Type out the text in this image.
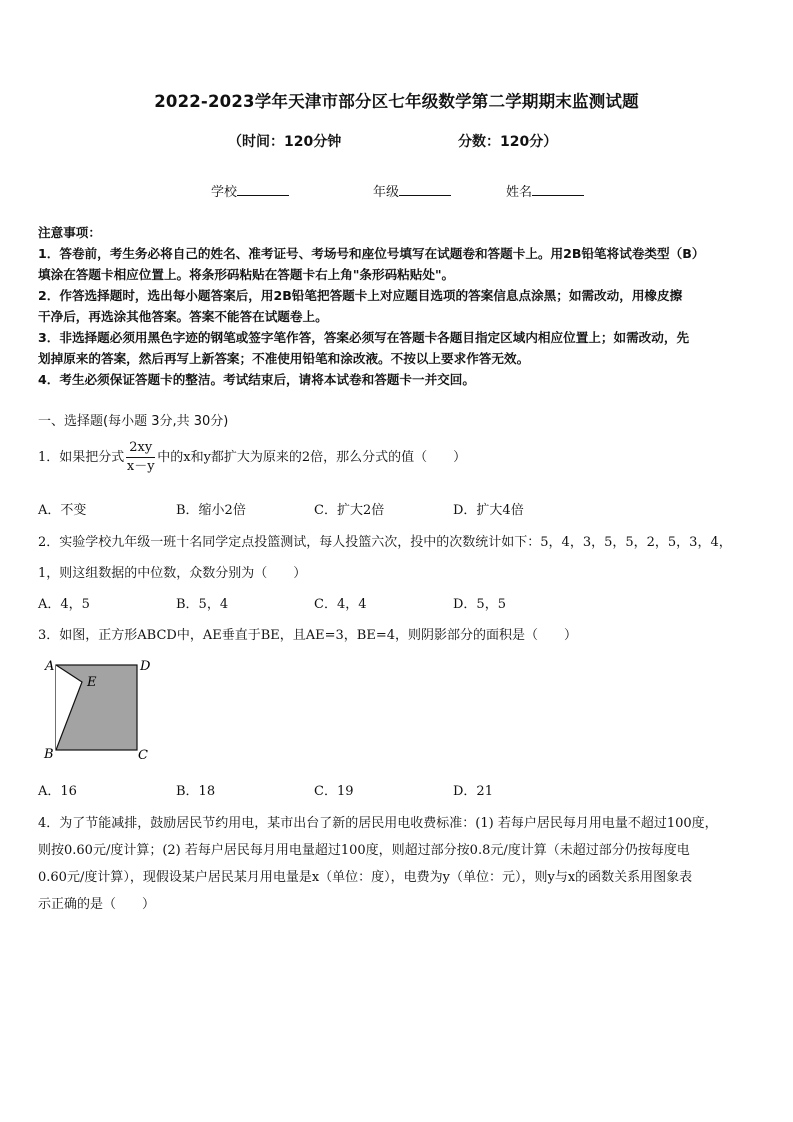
2022-2023学年天津市部分区七年级数学第二学期期末监测试题
（时间：120分钟	分数：120分）
学校	年级	姓名
注意事项：
1．答卷前，考生务必将自己的姓名、准考证号、考场号和座位号填写在试题卷和答题卡上。用2B铅笔将试卷类型（B）
填涂在答题卡相应位置上。将条形码粘贴在答题卡右上角"条形码粘贴处"。
2．作答选择题时，选出每小题答案后，用2B铅笔把答题卡上对应题目选项的答案信息点涂黑；如需改动，用橡皮擦
干净后，再选涂其他答案。答案不能答在试题卷上。
3．非选择题必须用黑色字迹的钢笔或签字笔作答，答案必须写在答题卡各题目指定区域内相应位置上；如需改动，先
划掉原来的答案，然后再写上新答案；不准使用铅笔和涂改液。不按以上要求作答无效。
4．考生必须保证答题卡的整洁。考试结束后，请将本试卷和答题卡一并交回。
一、选择题(每小题 3分,共 30分)
1．如果把分式 $\frac{2xy}{x-y}$ 中的x和y都扩大为原来的2倍，那么分式的值（　　）
A．不变	B．缩小2倍	C．扩大2倍	D．扩大4倍
2．实验学校九年级一班十名同学定点投篮测试，每人投篮六次，投中的次数统计如下：5，4，3，5，5，2，5，3，4，
1，则这组数据的中位数，众数分别为（　　）
A．4，5	B．5，4	C．4，4	D．5，5
3．如图，正方形ABCD中，AE垂直于BE，且AE=3，BE=4，则阴影部分的面积是（　　）
A	D
E
B	C
A．16	B．18	C．19	D．21
4．为了节能减排，鼓励居民节约用电，某市出台了新的居民用电收费标准：(1) 若每户居民每月用电量不超过100度，
则按0.60元/度计算；(2) 若每户居民每月用电量超过100度，则超过部分按0.8元/度计算（未超过部分仍按每度电
0.60元/度计算），现假设某户居民某月用电量是x（单位：度），电费为y（单位：元），则y与x的函数关系用图象表
示正确的是（　　）
